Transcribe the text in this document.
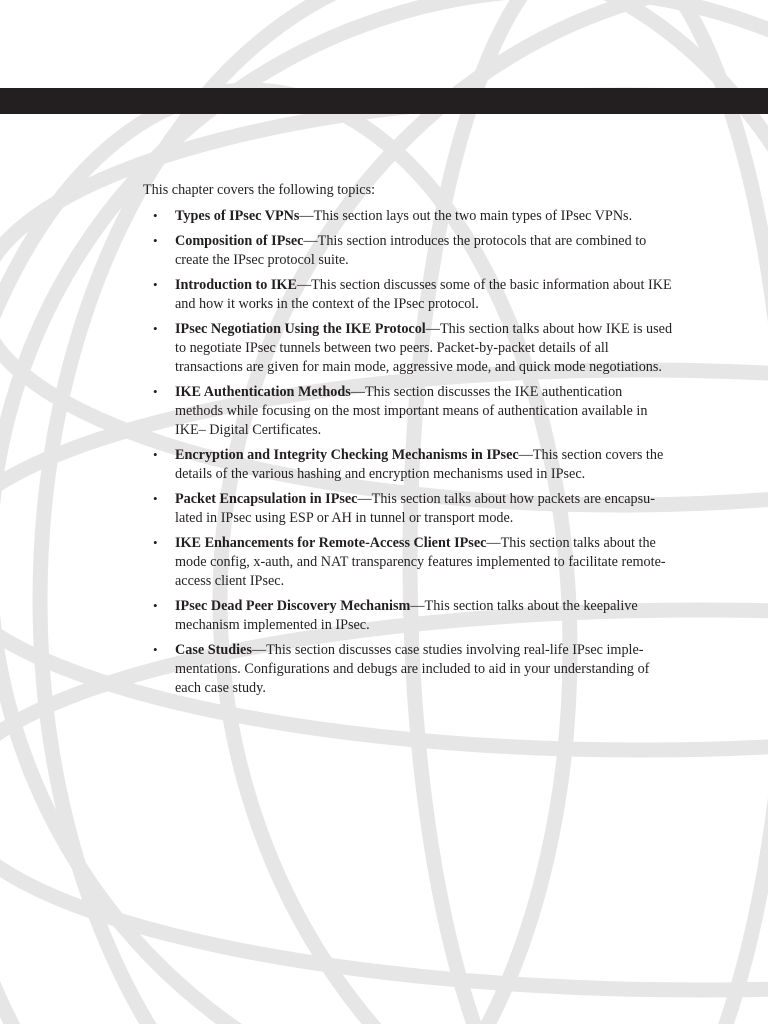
This chapter covers the following topics:

• Types of IPsec VPNs—This section lays out the two main types of IPsec VPNs.
• Composition of IPsec—This section introduces the protocols that are combined to create the IPsec protocol suite.
• Introduction to IKE—This section discusses some of the basic information about IKE and how it works in the context of the IPsec protocol.
• IPsec Negotiation Using the IKE Protocol—This section talks about how IKE is used to negotiate IPsec tunnels between two peers. Packet-by-packet details of all transactions are given for main mode, aggressive mode, and quick mode negotiations.
• IKE Authentication Methods—This section discusses the IKE authentication methods while focusing on the most important means of authentication available in IKE– Digital Certificates.
• Encryption and Integrity Checking Mechanisms in IPsec—This section covers the details of the various hashing and encryption mechanisms used in IPsec.
• Packet Encapsulation in IPsec—This section talks about how packets are encapsulated in IPsec using ESP or AH in tunnel or transport mode.
• IKE Enhancements for Remote-Access Client IPsec—This section talks about the mode config, x-auth, and NAT transparency features implemented to facilitate remote-access client IPsec.
• IPsec Dead Peer Discovery Mechanism—This section talks about the keepalive mechanism implemented in IPsec.
• Case Studies—This section discusses case studies involving real-life IPsec implementations. Configurations and debugs are included to aid in your understanding of each case study.
